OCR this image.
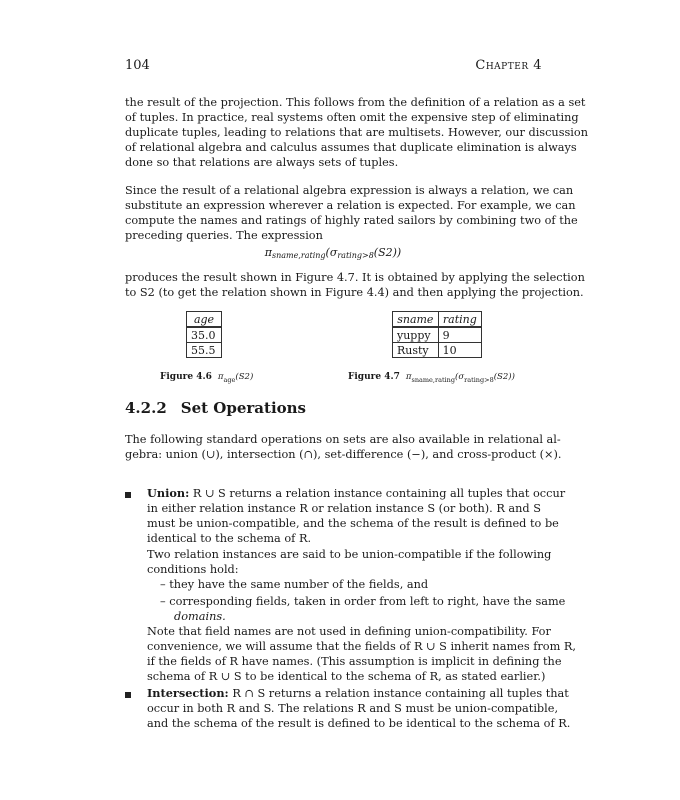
104	Chapter 4

the result of the projection. This follows from the definition of a relation as a set
of tuples. In practice, real systems often omit the expensive step of eliminating
duplicate tuples, leading to relations that are multisets. However, our discussion
of relational algebra and calculus assumes that duplicate elimination is always
done so that relations are always sets of tuples.

Since the result of a relational algebra expression is always a relation, we can
substitute an expression wherever a relation is expected. For example, we can
compute the names and ratings of highly rated sailors by combining two of the
preceding queries. The expression

$\pi_{sname,rating}(\sigma_{rating>8}(S2))$

produces the result shown in Figure 4.7. It is obtained by applying the selection
to S2 (to get the relation shown in Figure 4.4) and then applying the projection.

age
35.0
55.5
sname	rating
yuppy	9
Rusty	10
Figure 4.6 $\pi_{age}(S2)$	Figure 4.7 $\pi_{sname,rating}(\sigma_{rating>8}(S2))$
4.2.2 Set Operations

The following standard operations on sets are also available in relational al-
gebra: union (∪), intersection (∩), set-difference (−), and cross-product (×).

Union: R ∪ S returns a relation instance containing all tuples that occur
in either relation instance R or relation instance S (or both). R and S
must be union-compatible, and the schema of the result is defined to be
identical to the schema of R.

Two relation instances are said to be union-compatible if the following
conditions hold:

– they have the same number of the fields, and
– corresponding fields, taken in order from left to right, have the same
domains.

Note that field names are not used in defining union-compatibility. For
convenience, we will assume that the fields of R ∪ S inherit names from R,
if the fields of R have names. (This assumption is implicit in defining the
schema of R ∪ S to be identical to the schema of R, as stated earlier.)

Intersection: R ∩ S returns a relation instance containing all tuples that
occur in both R and S. The relations R and S must be union-compatible,
and the schema of the result is defined to be identical to the schema of R.
